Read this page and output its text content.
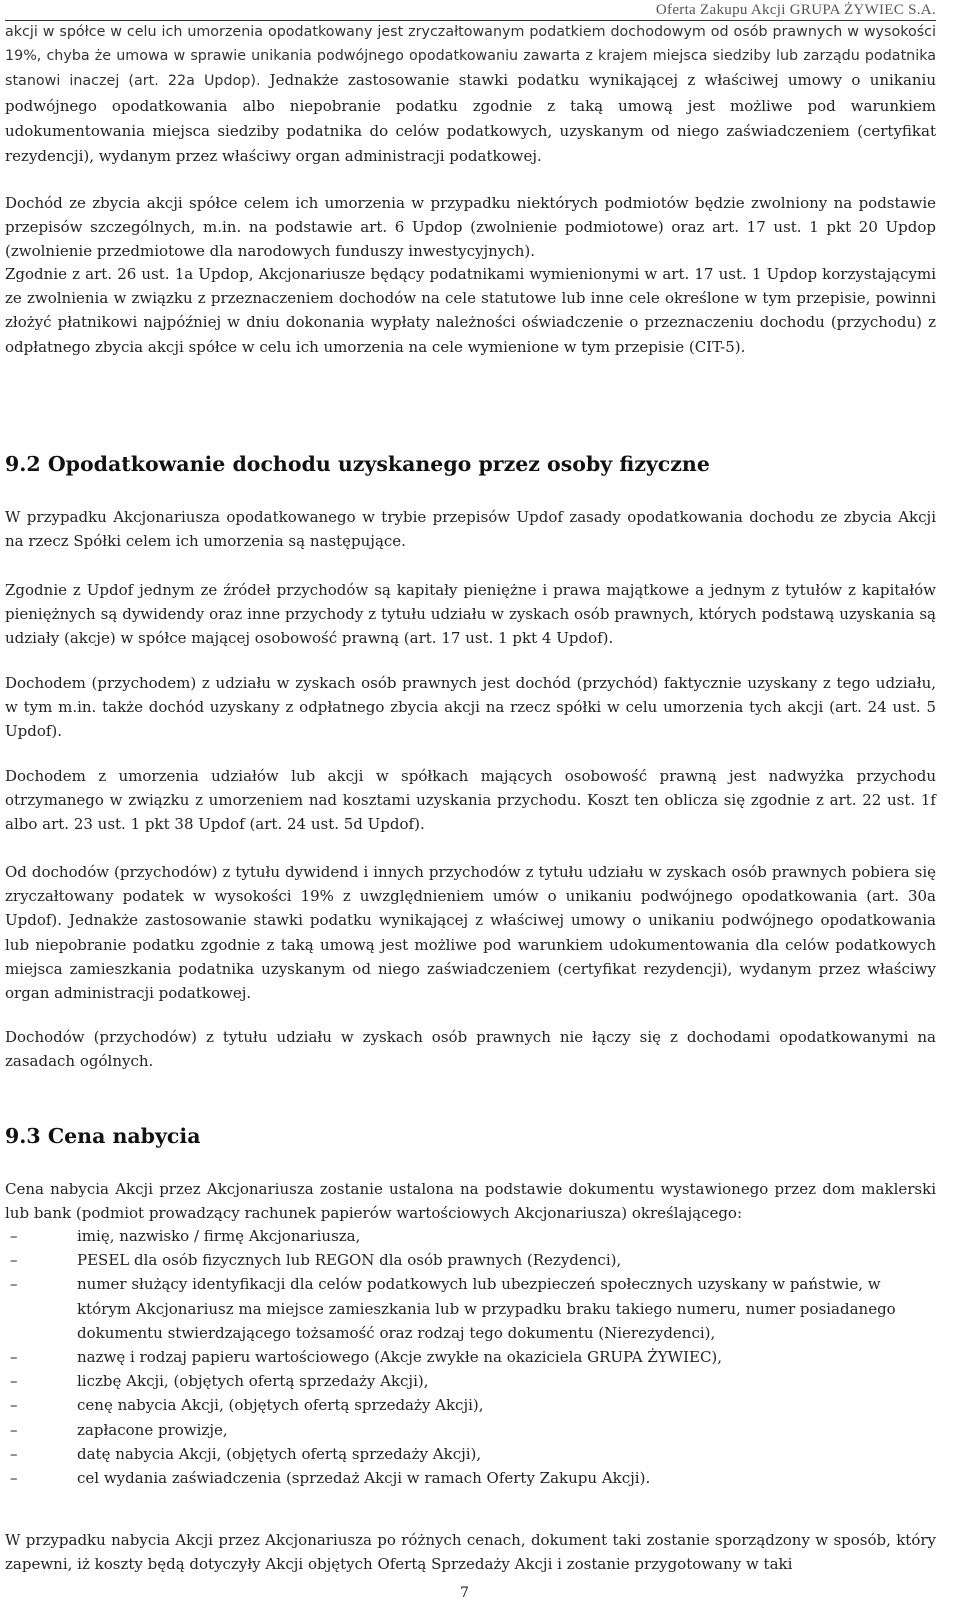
Oferta Zakupu Akcji GRUPA ŻYWIEC S.A.

akcji w spółce w celu ich umorzenia opodatkowany jest zryczałtowanym podatkiem dochodowym od osób prawnych w wysokości 19%, chyba że umowa w sprawie unikania podwójnego opodatkowaniu zawarta z krajem miejsca siedziby lub zarządu podatnika stanowi inaczej (art. 22a Updop). Jednakże zastosowanie stawki podatku wynikającej z właściwej umowy o unikaniu podwójnego opodatkowania albo niepobranie podatku zgodnie z taką umową jest możliwe pod warunkiem udokumentowania miejsca siedziby podatnika do celów podatkowych, uzyskanym od niego zaświadczeniem (certyfikat rezydencji), wydanym przez właściwy organ administracji podatkowej.

Dochód ze zbycia akcji spółce celem ich umorzenia w przypadku niektórych podmiotów będzie zwolniony na podstawie przepisów szczególnych, m.in. na podstawie art. 6 Updop (zwolnienie podmiotowe) oraz art. 17 ust. 1 pkt 20 Updop (zwolnienie przedmiotowe dla narodowych funduszy inwestycyjnych).

Zgodnie z art. 26 ust. 1a Updop, Akcjonariusze będący podatnikami wymienionymi w art. 17 ust. 1 Updop korzystającymi ze zwolnienia w związku z przeznaczeniem dochodów na cele statutowe lub inne cele określone w tym przepisie, powinni złożyć płatnikowi najpóźniej w dniu dokonania wypłaty należności oświadczenie o przeznaczeniu dochodu (przychodu) z odpłatnego zbycia akcji spółce w celu ich umorzenia na cele wymienione w tym przepisie (CIT-5).

9.2 Opodatkowanie dochodu uzyskanego przez osoby fizyczne

W przypadku Akcjonariusza opodatkowanego w trybie przepisów Updof zasady opodatkowania dochodu ze zbycia Akcji na rzecz Spółki celem ich umorzenia są następujące.

Zgodnie z Updof jednym ze źródeł przychodów są kapitały pieniężne i prawa majątkowe a jednym z tytułów z kapitałów pieniężnych są dywidendy oraz inne przychody z tytułu udziału w zyskach osób prawnych, których podstawą uzyskania są udziały (akcje) w spółce mającej osobowość prawną (art. 17 ust. 1 pkt 4 Updof).

Dochodem (przychodem) z udziału w zyskach osób prawnych jest dochód (przychód) faktycznie uzyskany z tego udziału, w tym m.in. także dochód uzyskany z odpłatnego zbycia akcji na rzecz spółki w celu umorzenia tych akcji (art. 24 ust. 5 Updof).

Dochodem z umorzenia udziałów lub akcji w spółkach mających osobowość prawną jest nadwyżka przychodu otrzymanego w związku z umorzeniem nad kosztami uzyskania przychodu. Koszt ten oblicza się zgodnie z art. 22 ust. 1f albo art. 23 ust. 1 pkt 38 Updof (art. 24 ust. 5d Updof).

Od dochodów (przychodów) z tytułu dywidend i innych przychodów z tytułu udziału w zyskach osób prawnych pobiera się zryczałtowany podatek w wysokości 19% z uwzględnieniem umów o unikaniu podwójnego opodatkowania (art. 30a Updof). Jednakże zastosowanie stawki podatku wynikającej z właściwej umowy o unikaniu podwójnego opodatkowania lub niepobranie podatku zgodnie z taką umową jest możliwe pod warunkiem udokumentowania dla celów podatkowych miejsca zamieszkania podatnika uzyskanym od niego zaświadczeniem (certyfikat rezydencji), wydanym przez właściwy organ administracji podatkowej.

Dochodów (przychodów) z tytułu udziału w zyskach osób prawnych nie łączy się z dochodami opodatkowanymi na zasadach ogólnych.

9.3 Cena nabycia

Cena nabycia Akcji przez Akcjonariusza zostanie ustalona na podstawie dokumentu wystawionego przez dom maklerski lub bank (podmiot prowadzący rachunek papierów wartościowych Akcjonariusza) określającego:

–	imię, nazwisko / firmę Akcjonariusza,
–	PESEL dla osób fizycznych lub REGON dla osób prawnych (Rezydenci),
–	numer służący identyfikacji dla celów podatkowych lub ubezpieczeń społecznych uzyskany w państwie, w którym Akcjonariusz ma miejsce zamieszkania lub w przypadku braku takiego numeru, numer posiadanego dokumentu stwierdzającego tożsamość oraz rodzaj tego dokumentu (Nierezydenci),
–	nazwę i rodzaj papieru wartościowego (Akcje zwykłe na okaziciela GRUPA ŻYWIEC),
–	liczbę Akcji, (objętych ofertą sprzedaży Akcji),
–	cenę nabycia Akcji, (objętych ofertą sprzedaży Akcji),
–	zapłacone prowizje,
–	datę nabycia Akcji, (objętych ofertą sprzedaży Akcji),
–	cel wydania zaświadczenia (sprzedaż Akcji w ramach Oferty Zakupu Akcji).

W przypadku nabycia Akcji przez Akcjonariusza po różnych cenach, dokument taki zostanie sporządzony w sposób, który zapewni, iż koszty będą dotyczyły Akcji objętych Ofertą Sprzedaży Akcji i zostanie przygotowany w taki

7
